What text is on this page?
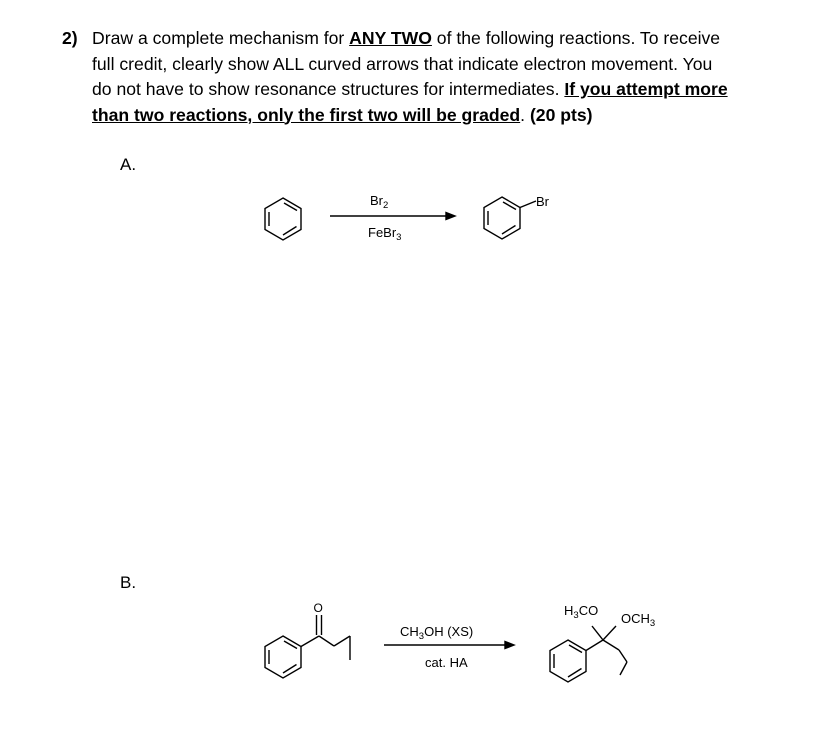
2) Draw a complete mechanism for ANY TWO of the following reactions. To receive
full credit, clearly show ALL curved arrows that indicate electron movement. You
do not have to show resonance structures for intermediates. If you attempt more
than two reactions, only the first two will be graded. (20 pts)
A.
B.
$Br_2$
FeBr$_3$
Br
O
$CH_3OH$ (XS)
cat. HA
$H_3CO$
$OCH_3$
